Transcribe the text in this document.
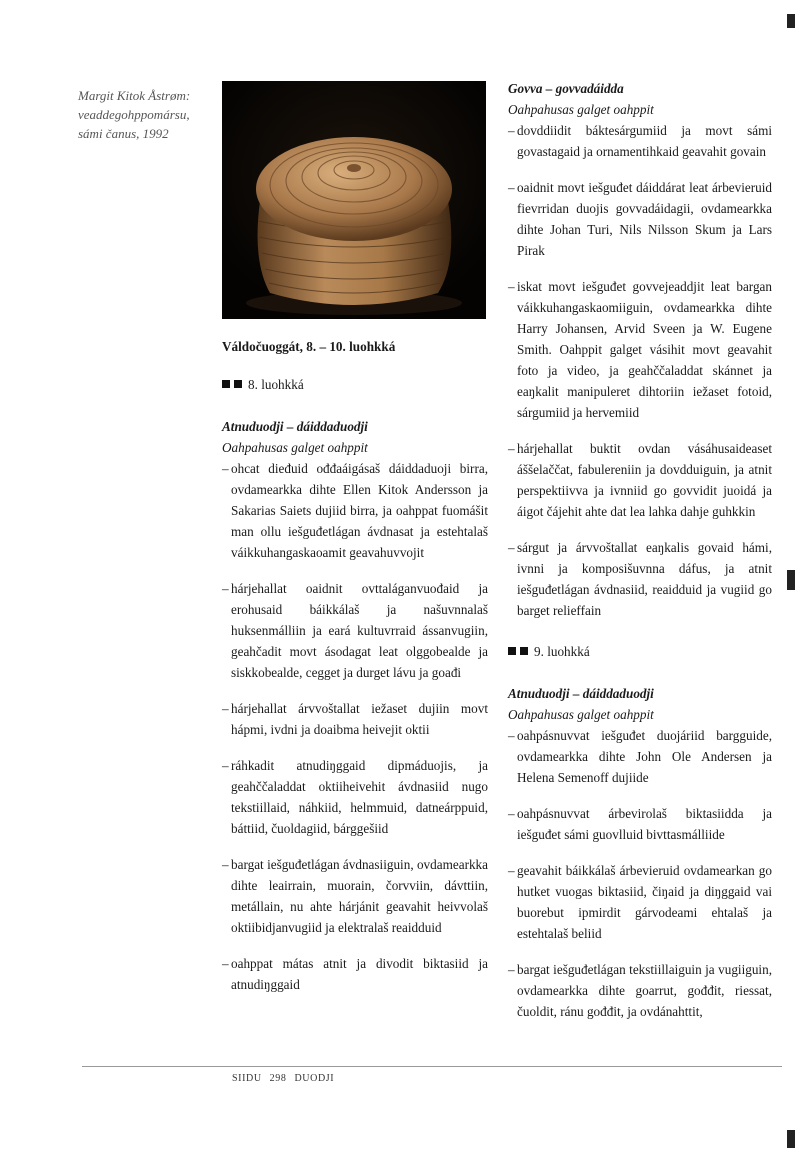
Margit Kitok Åstrøm:
veaddegohppomársu,
sámi čanus, 1992
Váldočuoggát, 8. – 10. luohkká
8. luohkká
Atnuduodji – dáiddaduodji
Oahpahusas galget oahppit
– ohcat dieđuid ođđaáigásaš dáiddaduoji birra, ovdamearkka dihte Ellen Kitok Andersson ja Sakarias Saiets dujiid birra, ja oahppat fuomášit man ollu iešguđetlágan ávdnasat ja estehtalaš váikkuhangaskaoamit geavahuvvojit
– hárjehallat oaidnit ovttaláganvuođaid ja erohusaid báikkálaš ja našuvnnalaš huksenmálliin ja eará kultuvrraid ássanvugiin, geahčadit movt ásodagat leat olggobealde ja siskkobealde, cegget ja durget lávu ja goađi
– hárjehallat árvvoštallat iežaset dujiin movt hápmi, ivdni ja doaibma heivejit oktii
– ráhkadit atnudiŋggaid dipmáduojis, ja geahččaladdat oktiiheivehit ávdnasiid nugo tekstiillaid, náhkiid, helmmuid, datneárppuid, báttiid, čuoldagiid, bárggešiid
– bargat iešguđetlágan ávdnasiiguin, ovdamearkka dihte leairrain, muorain, čorvviin, dávttiin, metállain, nu ahte hárjánit geavahit heivvolaš oktiibidjanvugiid ja elektralaš reaidduid
– oahppat mátas atnit ja divodit biktasiid ja atnudiŋggaid
Govva – govvadáidda
Oahpahusas galget oahppit
– dovddiidit báktesárgumiid ja movt sámi govastagaid ja ornamentihkaid geavahit govain
– oaidnit movt iešguđet dáiddárat leat árbevieruid fievrridan duojis govvadáidagii, ovdamearkka dihte Johan Turi, Nils Nilsson Skum ja Lars Pirak
– iskat movt iešguđet govvejeaddjit leat bargan váikkuhangaskaomiiguin, ovdamearkka dihte Harry Johansen, Arvid Sveen ja W. Eugene Smith. Oahppit galget vásihit movt geavahit foto ja video, ja geahččaladdat skánnet ja eaŋkalit manipuleret dihtoriin iežaset fotoid, sárgumiid ja hervemiid
– hárjehallat buktit ovdan vásáhusaideaset áššelaččat, fabulereniin ja dovdduiguin, ja atnit perspektiivva ja ivnniid go govvidit juoidá ja áigot čájehit ahte dat lea lahka dahje guhkkin
– sárgut ja árvvoštallat eaŋkalis govaid hámi, ivnni ja komposišuvnna dáfus, ja atnit iešguđetlágan ávdnasiid, reaidduid ja vugiid go barget relieffain
9. luohkká
Atnuduodji – dáiddaduodji
Oahpahusas galget oahppit
– oahpásnuvvat iešguđet duojáriid bargguide, ovdamearkka dihte John Ole Andersen ja Helena Semenoff dujiide
– oahpásnuvvat árbevirolaš biktasiidda ja iešguđet sámi guovlluid bivttasmálliide
– geavahit báikkálaš árbevieruid ovdamearkan go hutket vuogas biktasiid, čiŋaid ja diŋggaid vai buorebut ipmirdit gárvodeami ehtalaš ja estehtalaš beliid
– bargat iešguđetlágan tekstiillaiguin ja vugiiguin, ovdamearkka dihte goarrut, gođđit, riessat, čuoldit, ránu gođđit, ja ovdánahttit,
SIIDU 298 DUODJI
